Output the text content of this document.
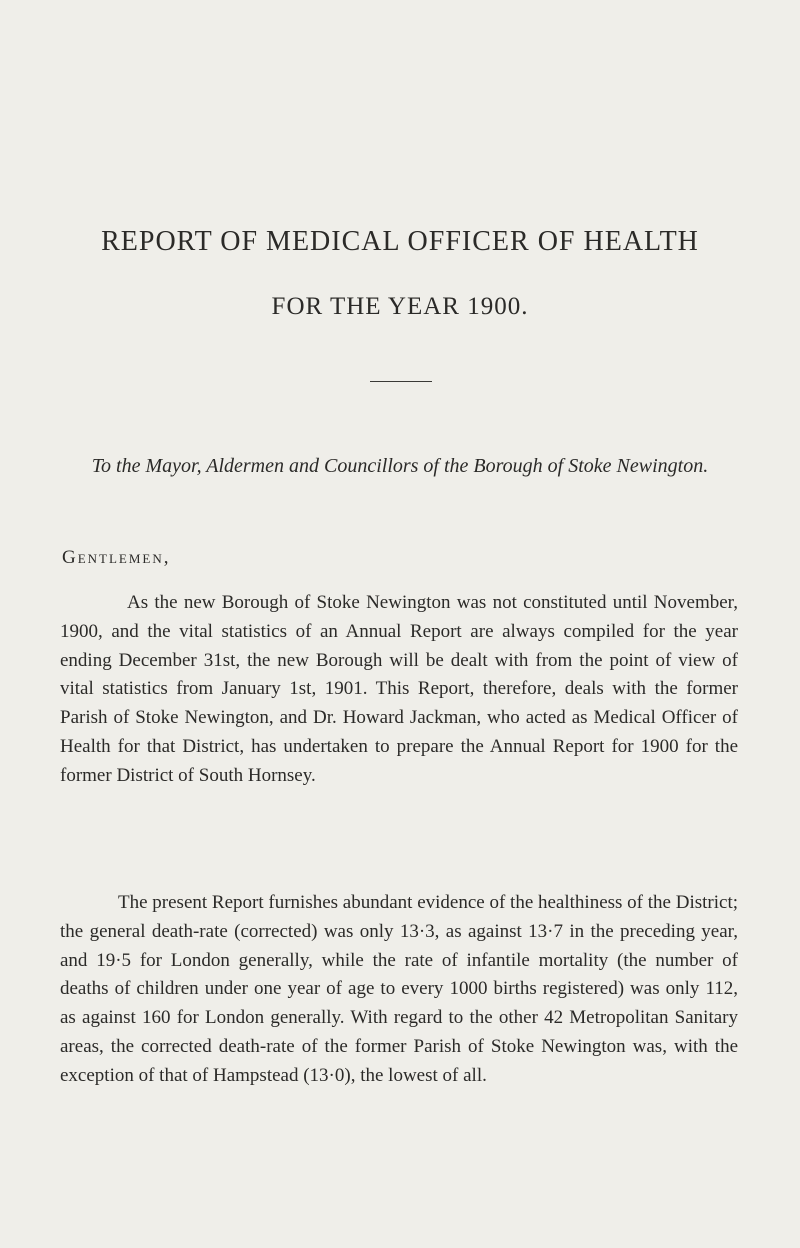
REPORT OF MEDICAL OFFICER OF HEALTH
FOR THE YEAR 1900.
To the Mayor, Aldermen and Councillors of the Borough of Stoke Newington.
Gentlemen,

As the new Borough of Stoke Newington was not constituted until November, 1900, and the vital statistics of an Annual Report are always compiled for the year ending December 31st, the new Borough will be dealt with from the point of view of vital statistics from January 1st, 1901. This Report, therefore, deals with the former Parish of Stoke Newington, and Dr. Howard Jackman, who acted as Medical Officer of Health for that District, has undertaken to prepare the Annual Report for 1900 for the former District of South Hornsey.

The present Report furnishes abundant evidence of the healthiness of the District; the general death-rate (corrected) was only 13·3, as against 13·7 in the preceding year, and 19·5 for London generally, while the rate of infantile mortality (the number of deaths of children under one year of age to every 1000 births registered) was only 112, as against 160 for London generally. With regard to the other 42 Metropolitan Sanitary areas, the corrected death-rate of the former Parish of Stoke Newington was, with the exception of that of Hampstead (13·0), the lowest of all.
